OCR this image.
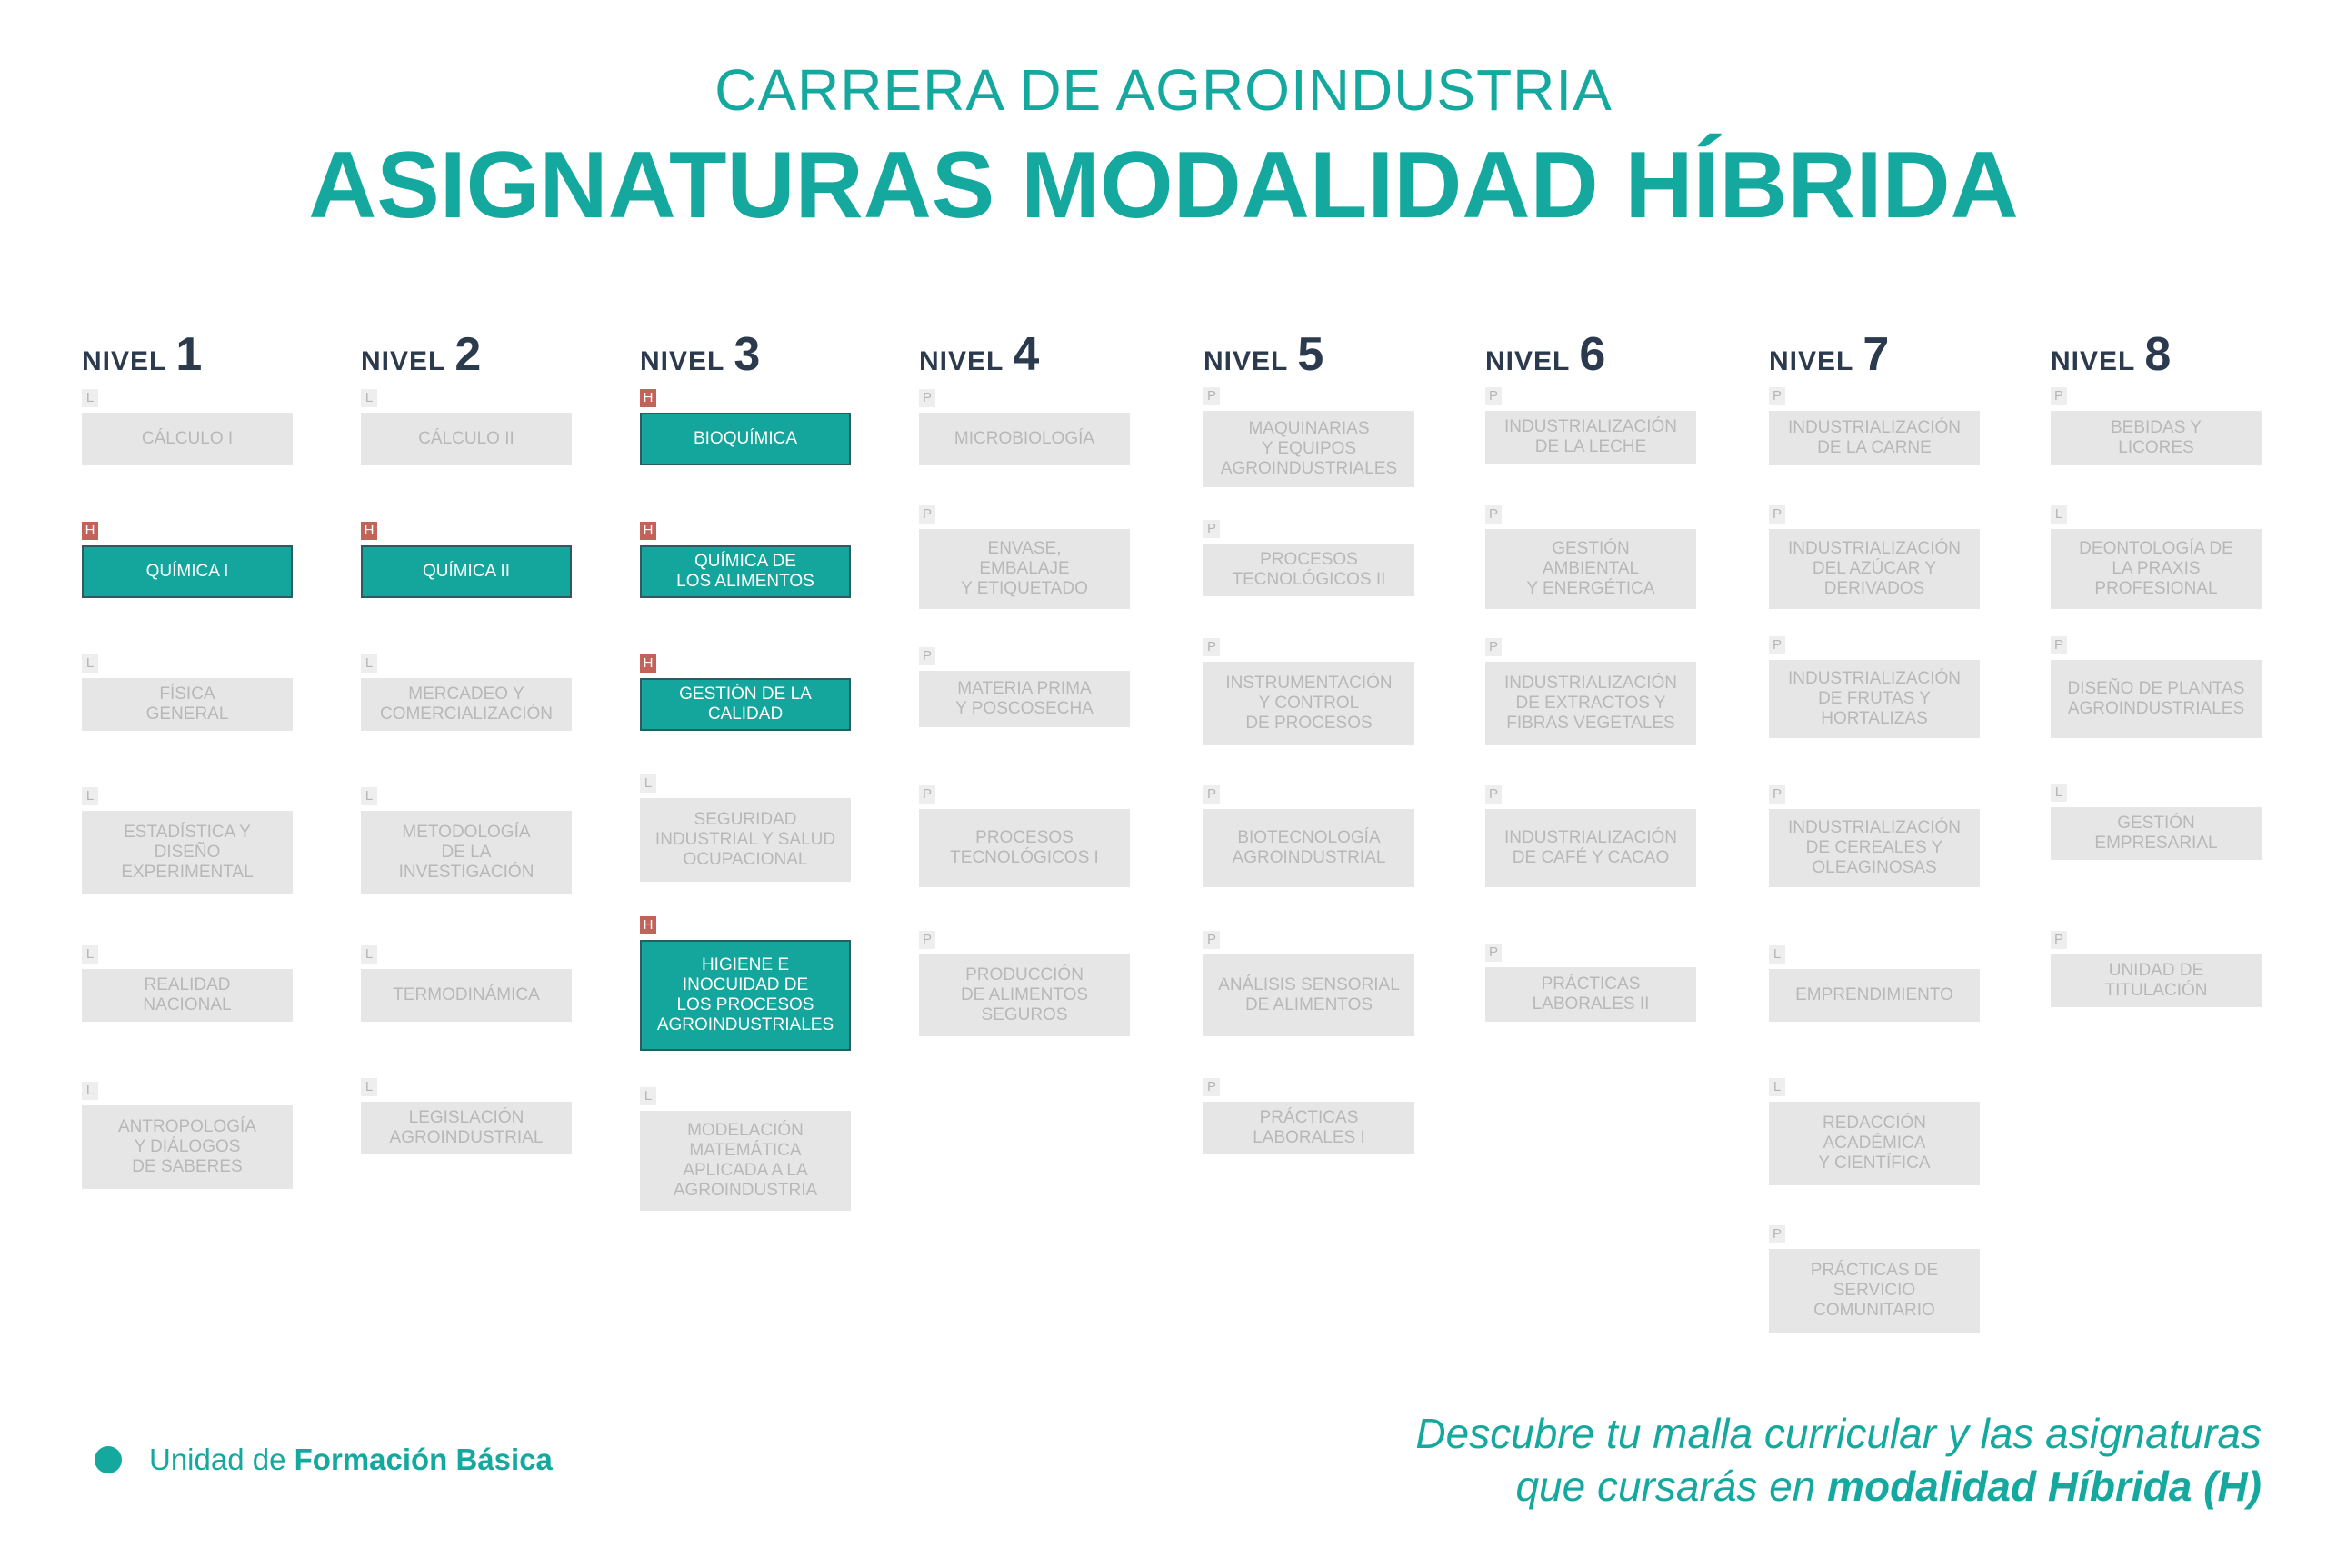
CARRERA DE AGROINDUSTRIA
ASIGNATURAS MODALIDAD HÍBRIDA
NIVEL 1
L
CÁLCULO I
H
QUÍMICA I
L
FÍSICA
GENERAL
L
ESTADÍSTICA Y
DISEÑO
EXPERIMENTAL
L
REALIDAD
NACIONAL
L
ANTROPOLOGÍA
Y DIÁLOGOS
DE SABERES
NIVEL 2
L
CÁLCULO II
H
QUÍMICA II
L
MERCADEO Y
COMERCIALIZACIÓN
L
METODOLOGÍA
DE LA
INVESTIGACIÓN
L
TERMODINÁMICA
L
LEGISLACIÓN
AGROINDUSTRIAL
NIVEL 3
H
BIOQUÍMICA
H
QUÍMICA DE
LOS ALIMENTOS
H
GESTIÓN DE LA
CALIDAD
L
SEGURIDAD
INDUSTRIAL Y SALUD
OCUPACIONAL
H
HIGIENE E
INOCUIDAD DE
LOS PROCESOS
AGROINDUSTRIALES
L
MODELACIÓN
MATEMÁTICA
APLICADA A LA
AGROINDUSTRIA
NIVEL 4
P
MICROBIOLOGÍA
P
ENVASE,
EMBALAJE
Y ETIQUETADO
P
MATERIA PRIMA
Y POSCOSECHA
P
PROCESOS
TECNOLÓGICOS I
P
PRODUCCIÓN
DE ALIMENTOS
SEGUROS
NIVEL 5
P
MAQUINARIAS
Y EQUIPOS
AGROINDUSTRIALES
P
PROCESOS
TECNOLÓGICOS II
P
INSTRUMENTACIÓN
Y CONTROL
DE PROCESOS
P
BIOTECNOLOGÍA
AGROINDUSTRIAL
P
ANÁLISIS SENSORIAL
DE ALIMENTOS
P
PRÁCTICAS
LABORALES I
NIVEL 6
P
INDUSTRIALIZACIÓN
DE LA LECHE
P
GESTIÓN
AMBIENTAL
Y ENERGÉTICA
P
INDUSTRIALIZACIÓN
DE EXTRACTOS Y
FIBRAS VEGETALES
P
INDUSTRIALIZACIÓN
DE CAFÉ Y CACAO
P
PRÁCTICAS
LABORALES II
NIVEL 7
P
INDUSTRIALIZACIÓN
DE LA CARNE
P
INDUSTRIALIZACIÓN
DEL AZÚCAR Y
DERIVADOS
P
INDUSTRIALIZACIÓN
DE FRUTAS Y
HORTALIZAS
P
INDUSTRIALIZACIÓN
DE CEREALES Y
OLEAGINOSAS
L
EMPRENDIMIENTO
L
REDACCIÓN
ACADÉMICA
Y CIENTÍFICA
P
PRÁCTICAS DE
SERVICIO
COMUNITARIO
NIVEL 8
P
BEBIDAS Y
LICORES
L
DEONTOLOGÍA DE
LA PRAXIS
PROFESIONAL
P
DISEÑO DE PLANTAS
AGROINDUSTRIALES
L
GESTIÓN
EMPRESARIAL
P
UNIDAD DE
TITULACIÓN
Unidad de Formación Básica
Descubre tu malla curricular y las asignaturas
que cursarás en modalidad Híbrida (H)
